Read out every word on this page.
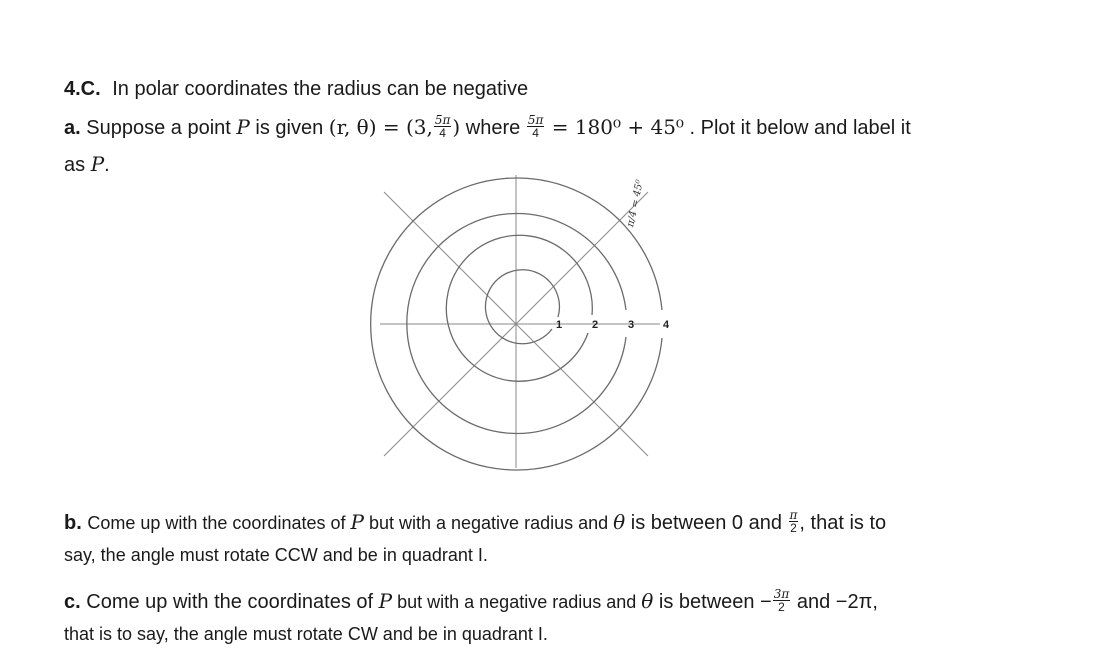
4.C. In polar coordinates the radius can be negative
a. Suppose a point P is given (r, θ) = (3, $\frac{5\pi}{4}$ ) where $\frac{5\pi}{4} = 180^0 + 45^0$ . Plot it below and label it
as P.
1	2	3	4
π/4 = 45⁰
b. Come up with the coordinates of P but with a negative radius and θ is between 0 and $\frac{\pi}{2}$ , that is to
say, the angle must rotate CCW and be in quadrant I.
c. Come up with the coordinates of P but with a negative radius and θ is between − $\frac{3\pi}{2}$ and −2π,
that is to say, the angle must rotate CW and be in quadrant I.
